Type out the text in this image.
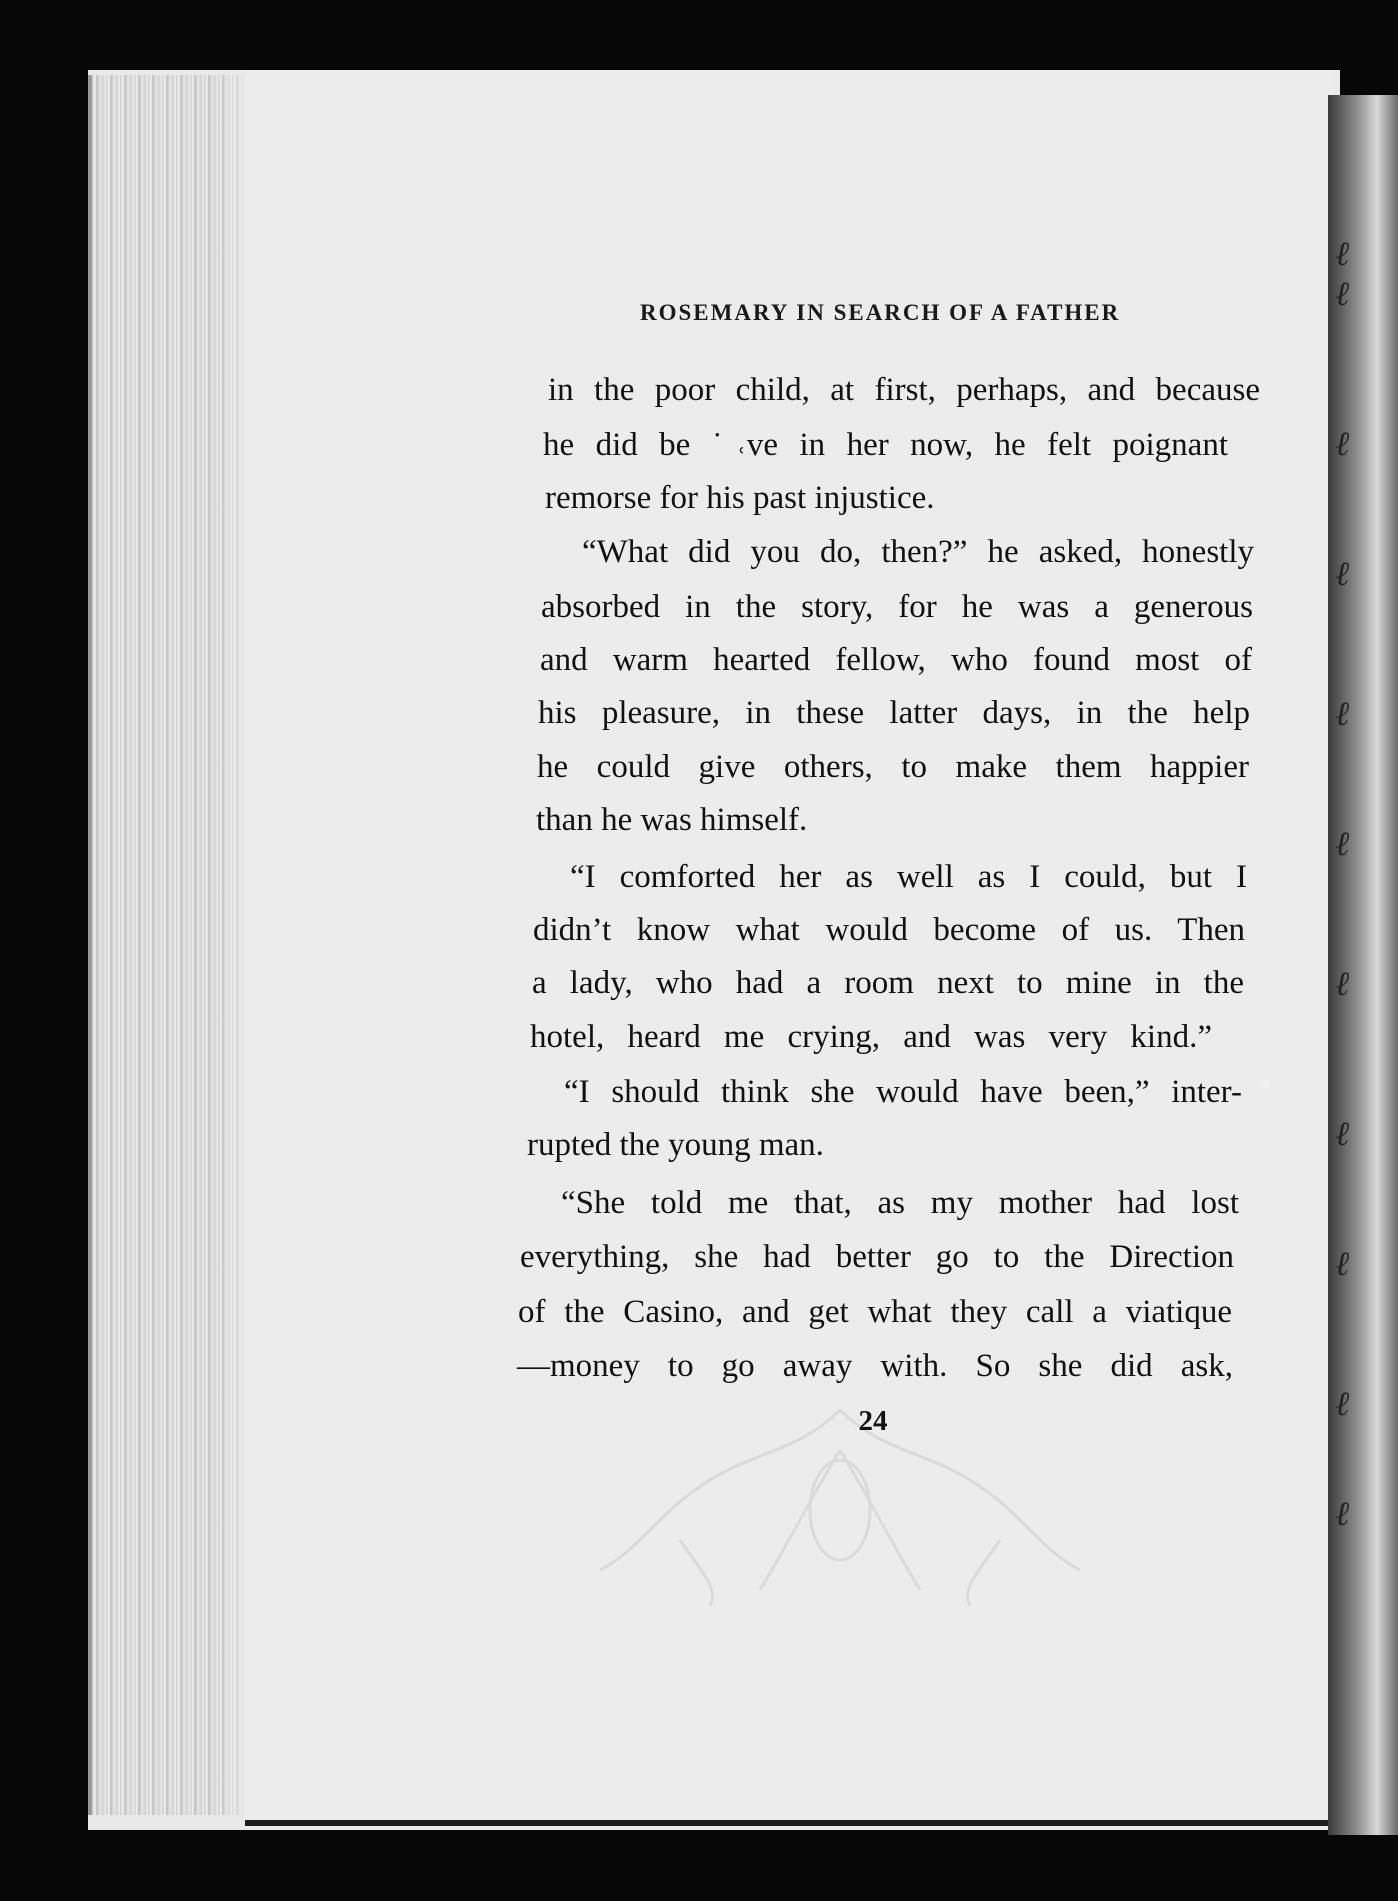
ℓ
ℓ
ℓ
ℓ
ℓ
ℓ
ℓ
ℓ
ℓ
ℓ
ℓ
ROSEMARY IN SEARCH OF A FATHER
in the poor child, at first, perhaps, and because
he did be ˙˓ve in her now, he felt poignant
remorse for his past injustice.
“What did you do, then?” he asked, honestly
absorbed in the story, for he was a generous
and warm hearted fellow, who found most of
his pleasure, in these latter days, in the help
he could give others, to make them happier
than he was himself.
“I comforted her as well as I could, but I
didn’t know what would become of us. Then
a lady, who had a room next to mine in the
hotel, heard me crying, and was very kind.”
“I should think she would have been,” inter-
rupted the young man.
“She told me that, as my mother had lost
everything, she had better go to the Direction
of the Casino, and get what they call a viatique
—money to go away with. So she did ask,
24
